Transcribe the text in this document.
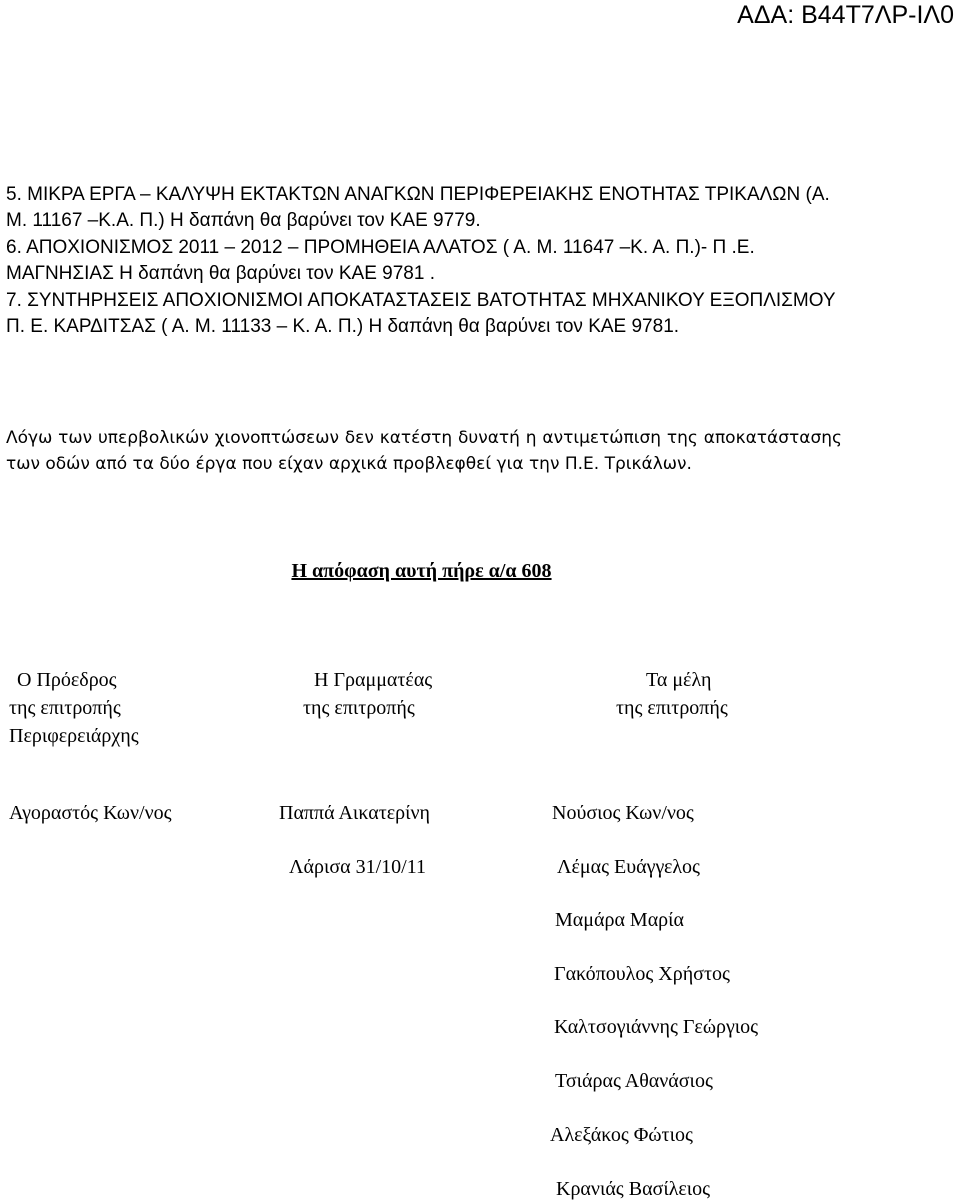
ΑΔΑ: Β44Τ7ΛΡ-ΙΛ0

5. ΜΙΚΡΑ ΕΡΓΑ – ΚΑΛΥΨΗ ΕΚΤΑΚΤΩΝ ΑΝΑΓΚΩΝ ΠΕΡΙΦΕΡΕΙΑΚΗΣ ΕΝΟΤΗΤΑΣ ΤΡΙΚΑΛΩΝ (Α. Μ. 11167 –Κ.Α. Π.) Η δαπάνη θα βαρύνει τον ΚΑΕ 9779.

6. ΑΠΟΧΙΟΝΙΣΜΟΣ 2011 – 2012 – ΠΡΟΜΗΘΕΙΑ ΑΛΑΤΟΣ ( Α. Μ. 11647 –Κ. Α. Π.)- Π .Ε. ΜΑΓΝΗΣΙΑΣ Η δαπάνη θα βαρύνει τον ΚΑΕ 9781 .

7. ΣΥΝΤΗΡΗΣΕΙΣ ΑΠΟΧΙΟΝΙΣΜΟΙ ΑΠΟΚΑΤΑΣΤΑΣΕΙΣ ΒΑΤΟΤΗΤΑΣ ΜΗΧΑΝΙΚΟΥ ΕΞΟΠΛΙΣΜΟΥ Π. Ε. ΚΑΡΔΙΤΣΑΣ ( Α. Μ. 11133 – Κ. Α. Π.) Η δαπάνη θα βαρύνει τον ΚΑΕ 9781.

Λόγω των υπερβολικών χιονοπτώσεων δεν κατέστη δυνατή η αντιμετώπιση της αποκατάστασης των οδών από τα δύο έργα που είχαν αρχικά προβλεφθεί για την Π.Ε. Τρικάλων.
Η απόφαση αυτή πήρε α/α 608
Ο Πρόεδρος
της επιτροπής
Περιφερειάρχης
Η Γραμματέας
της επιτροπής
Τα μέλη
της επιτροπής
Αγοραστός Κων/νος	Παππά Αικατερίνη
Λάρισα 31/10/11
Νούσιος Κων/νος
Λέμας Ευάγγελος
Μαμάρα Μαρία
Γακόπουλος Χρήστος
Καλτσογιάννης Γεώργιος
Τσιάρας Αθανάσιος
Αλεξάκος Φώτιος
Κρανιάς Βασίλειος
